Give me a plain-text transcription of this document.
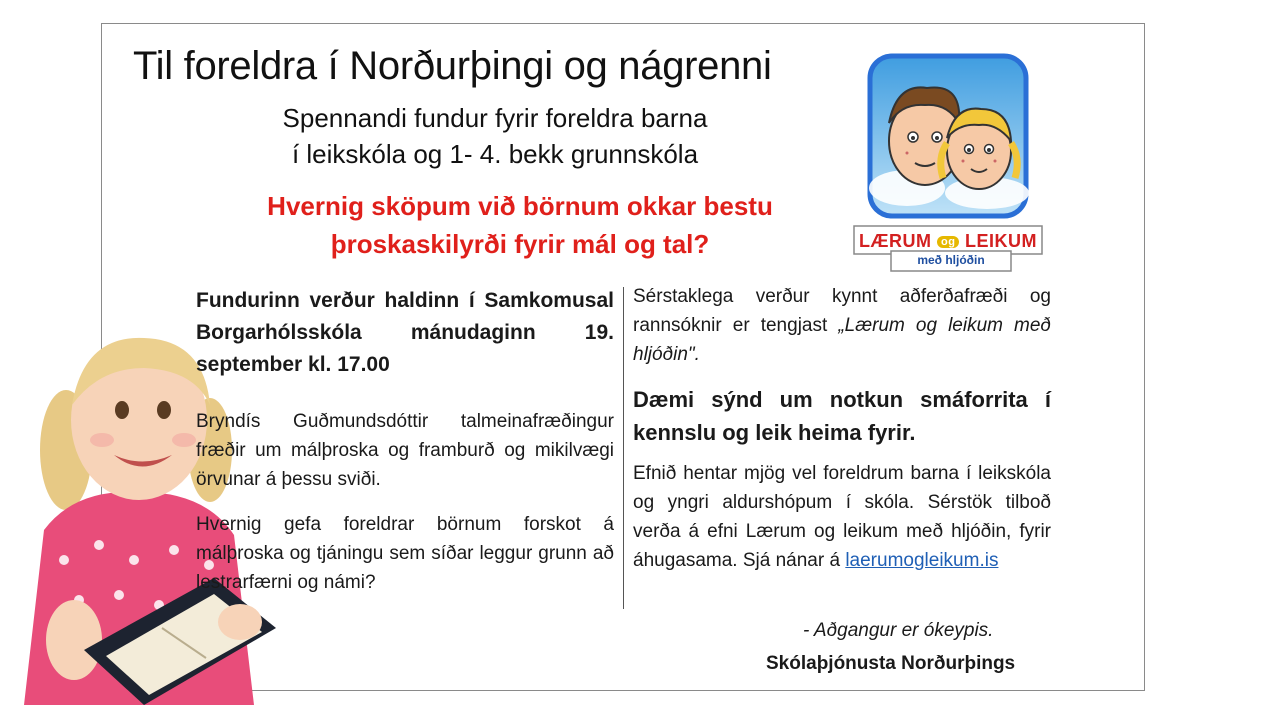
Til foreldra í Norðurþingi og nágrenni
Spennandi fundur fyrir foreldra barna
í leikskóla og 1- 4. bekk grunnskóla
Hvernig sköpum við börnum okkar bestu
þroskaskilyrði fyrir mál og tal?	LÆRUM og LEIKUM
með hljóðin

Fundurinn verður haldinn í Samkomusal Borgarhólsskóla mánudaginn 19. september kl. 17.00

Bryndís Guðmundsdóttir talmeinafræðingur fræðir um málþroska og framburð og mikilvægi örvunar á þessu sviði.

Hvernig gefa foreldrar börnum forskot á málþroska og tjáningu sem síðar leggur grunn að lestrarfærni og námi?

Sérstaklega verður kynnt aðferðafræði og rannsóknir er tengjast „Lærum og leikum með hljóðin".

Dæmi sýnd um notkun smáforrita í kennslu og leik heima fyrir.

Efnið hentar mjög vel foreldrum barna í leikskóla og yngri aldurshópum í skóla. Sérstök tilboð verða á efni Lærum og leikum með hljóðin, fyrir áhugasama. Sjá nánar á laerumogleikum.is

- Aðgangur er ókeypis.
Skólaþjónusta Norðurþings
